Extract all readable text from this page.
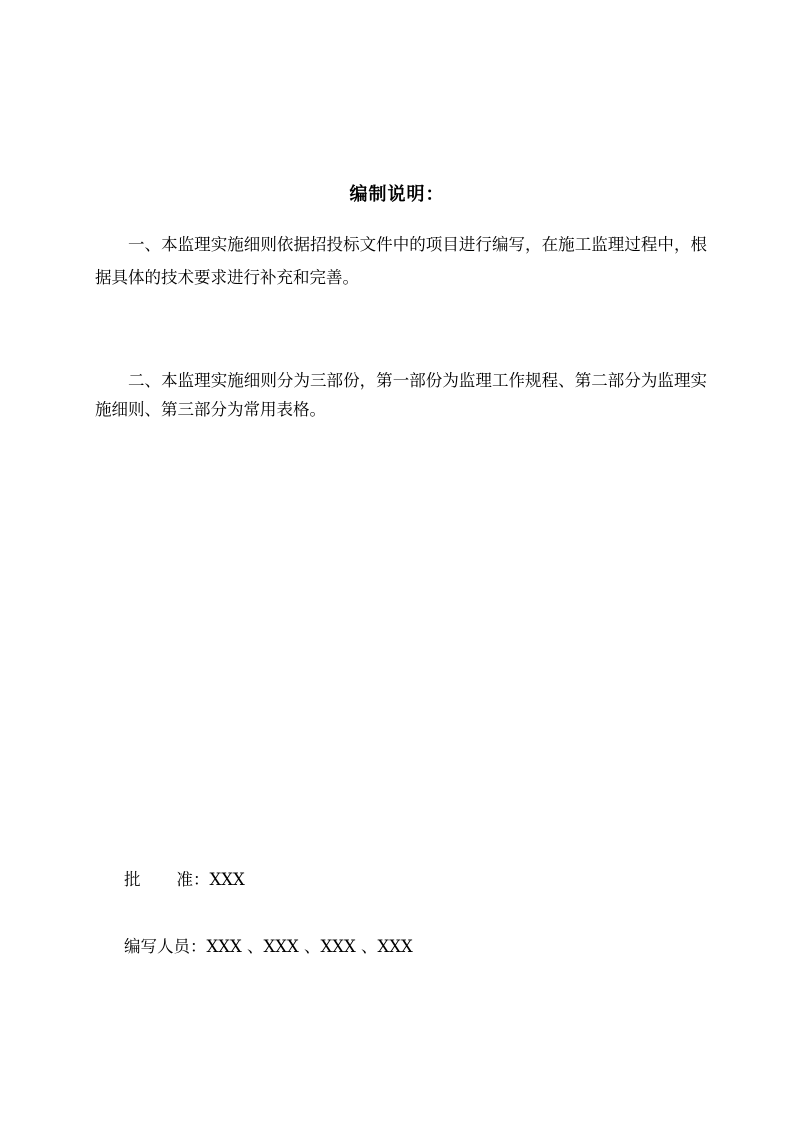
编制说明：

一、本监理实施细则依据招投标文件中的项目进行编写，在施工监理过程中，根据具体的技术要求进行补充和完善。

二、本监理实施细则分为三部份，第一部份为监理工作规程、第二部分为监理实施细则、第三部分为常用表格。

批 准：XXX
编写人员：XXX 、XXX 、XXX 、XXX
